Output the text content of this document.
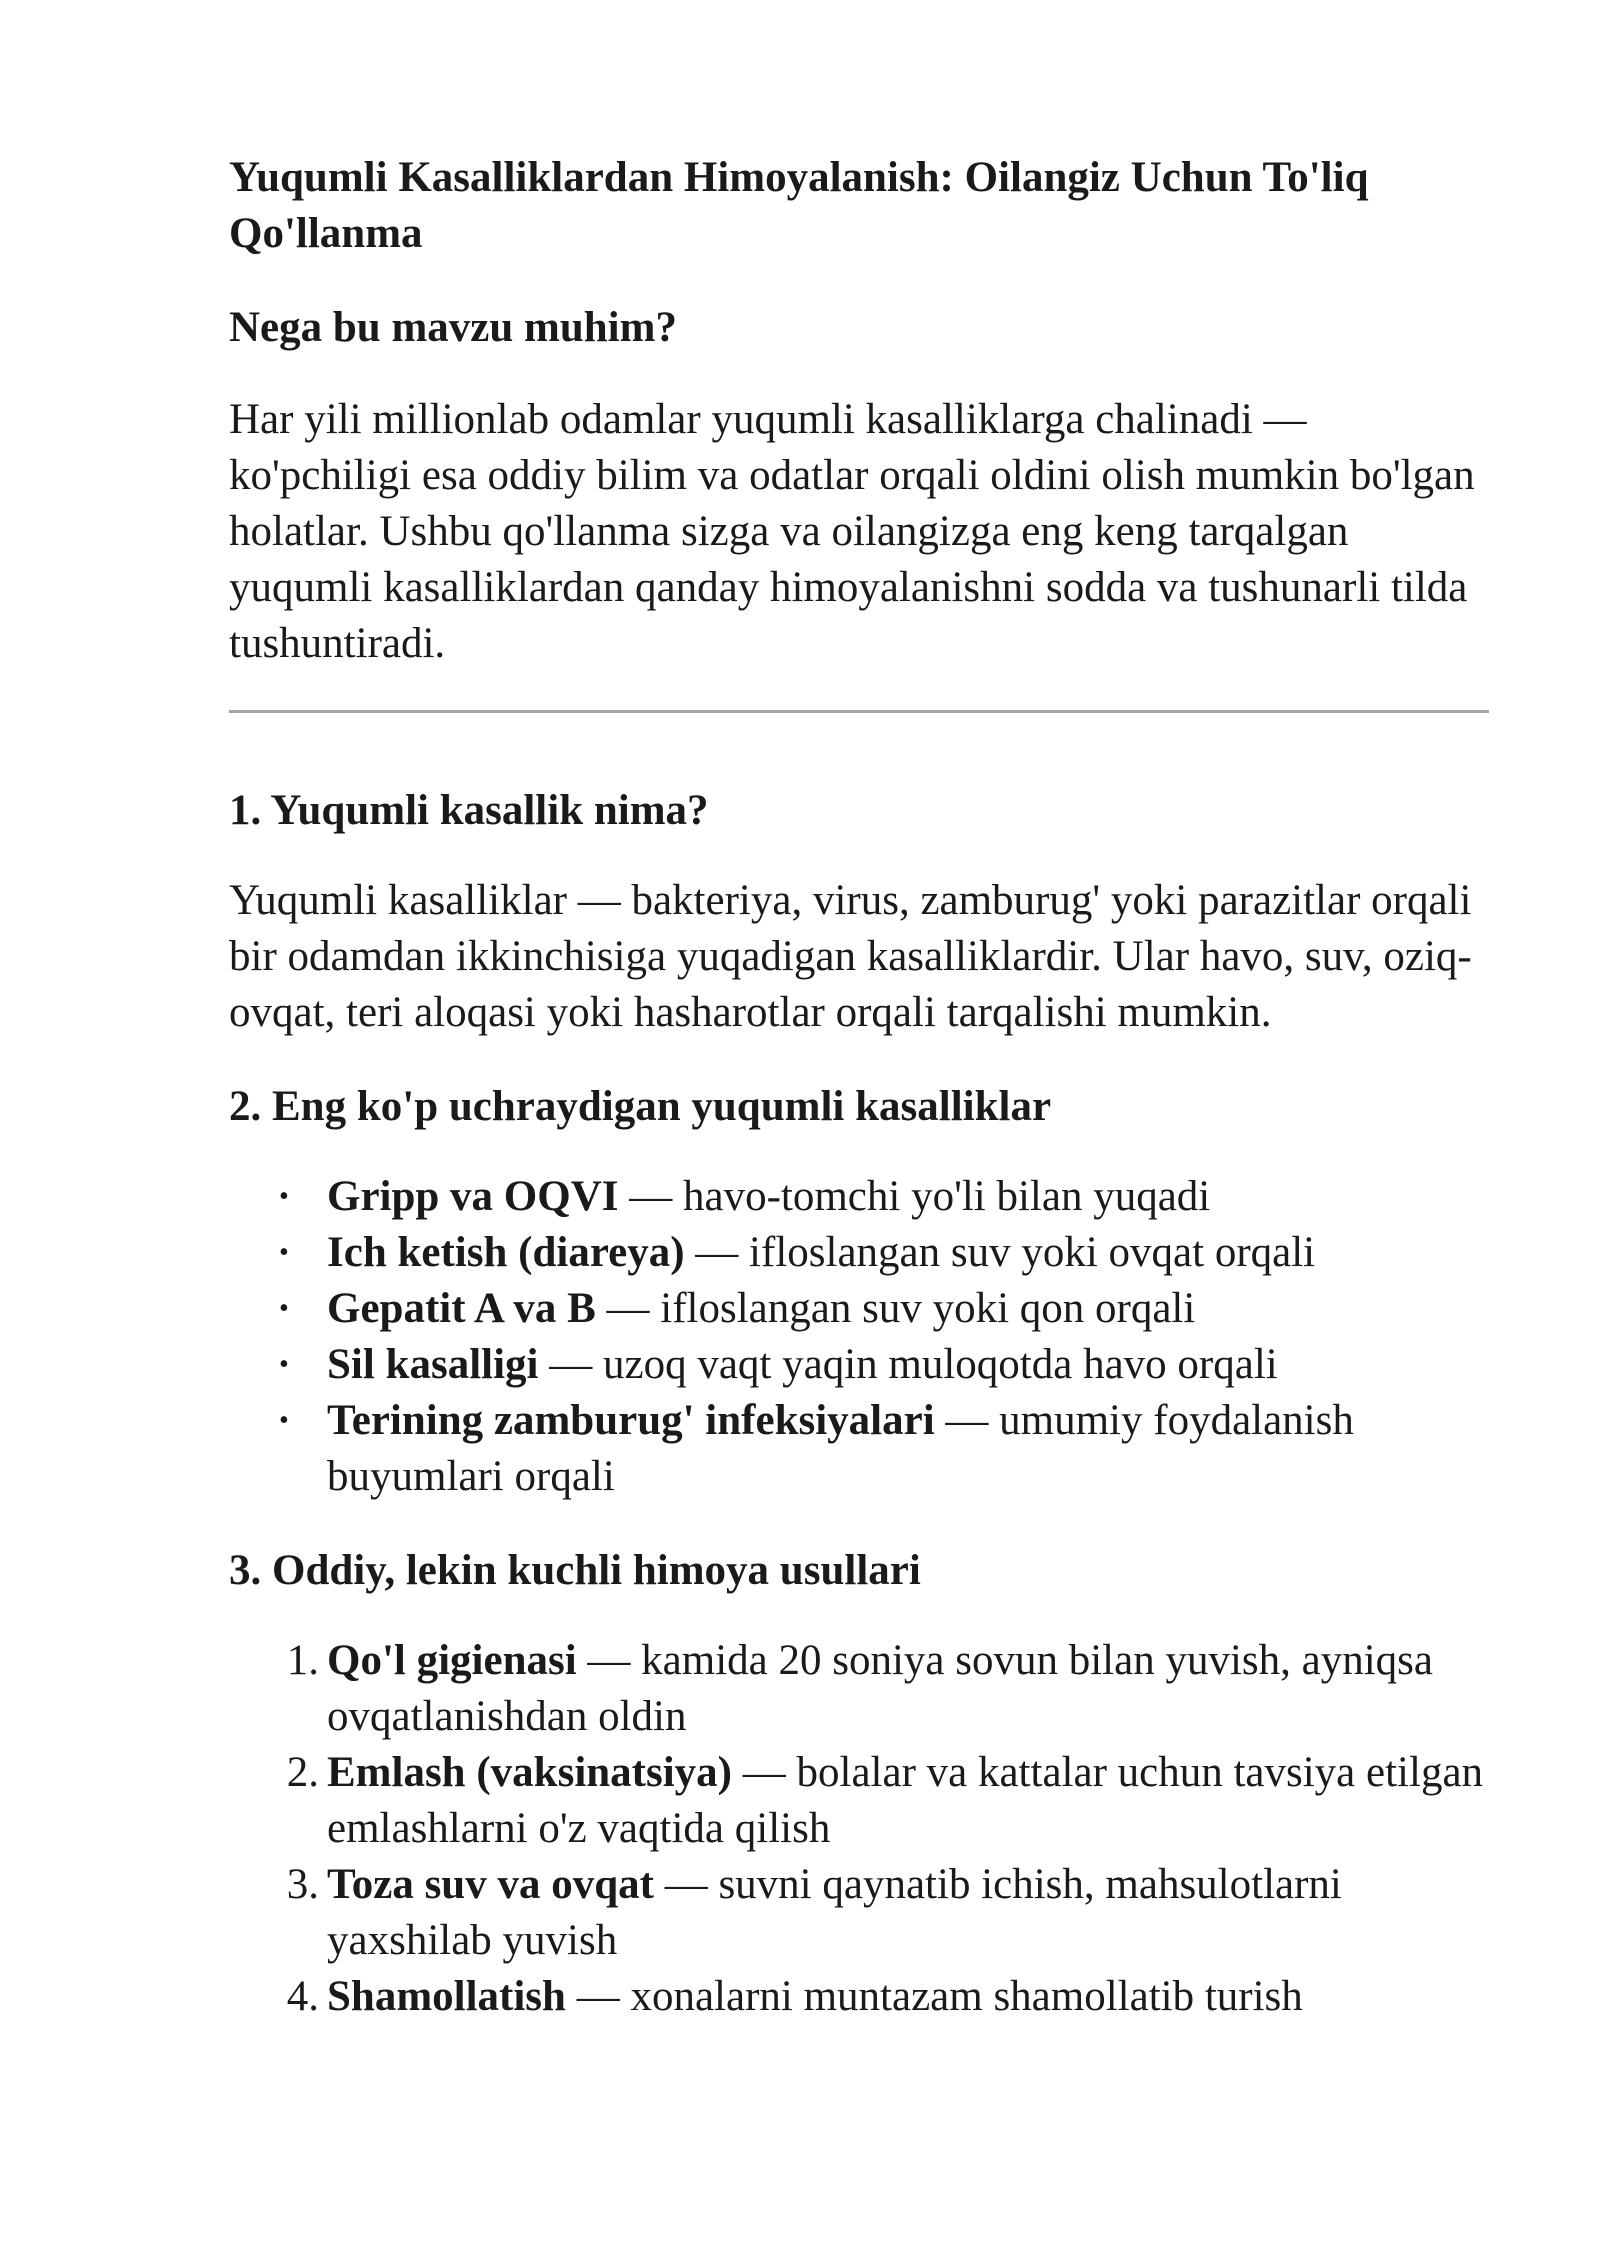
Yuqumli Kasalliklardan Himoyalanish: Oilangiz Uchun To'liq Qo'llanma
Nega bu mavzu muhim?

Har yili millionlab odamlar yuqumli kasalliklarga chalinadi — ko'pchiligi esa oddiy bilim va odatlar orqali oldini olish mumkin bo'lgan holatlar. Ushbu qo'llanma sizga va oilangizga eng keng tarqalgan yuqumli kasalliklardan qanday himoyalanishni sodda va tushunarli tilda tushuntiradi.

1. Yuqumli kasallik nima?

Yuqumli kasalliklar — bakteriya, virus, zamburug' yoki parazitlar orqali bir odamdan ikkinchisiga yuqadigan kasalliklardir. Ular havo, suv, oziq-ovqat, teri aloqasi yoki hasharotlar orqali tarqalishi mumkin.

2. Eng ko'p uchraydigan yuqumli kasalliklar
• Gripp va OQVI — havo-tomchi yo'li bilan yuqadi
• Ich ketish (diareya) — ifloslangan suv yoki ovqat orqali
• Gepatit A va B — ifloslangan suv yoki qon orqali
• Sil kasalligi — uzoq vaqt yaqin muloqotda havo orqali
• Terining zamburug' infeksiyalari — umumiy foydalanish buyumlari orqali
3. Oddiy, lekin kuchli himoya usullari
1. Qo'l gigienasi — kamida 20 soniya sovun bilan yuvish, ayniqsa ovqatlanishdan oldin
2. Emlash (vaksinatsiya) — bolalar va kattalar uchun tavsiya etilgan emlashlarni o'z vaqtida qilish
3. Toza suv va ovqat — suvni qaynatib ichish, mahsulotlarni yaxshilab yuvish
4. Shamollatish — xonalarni muntazam shamollatib turish
